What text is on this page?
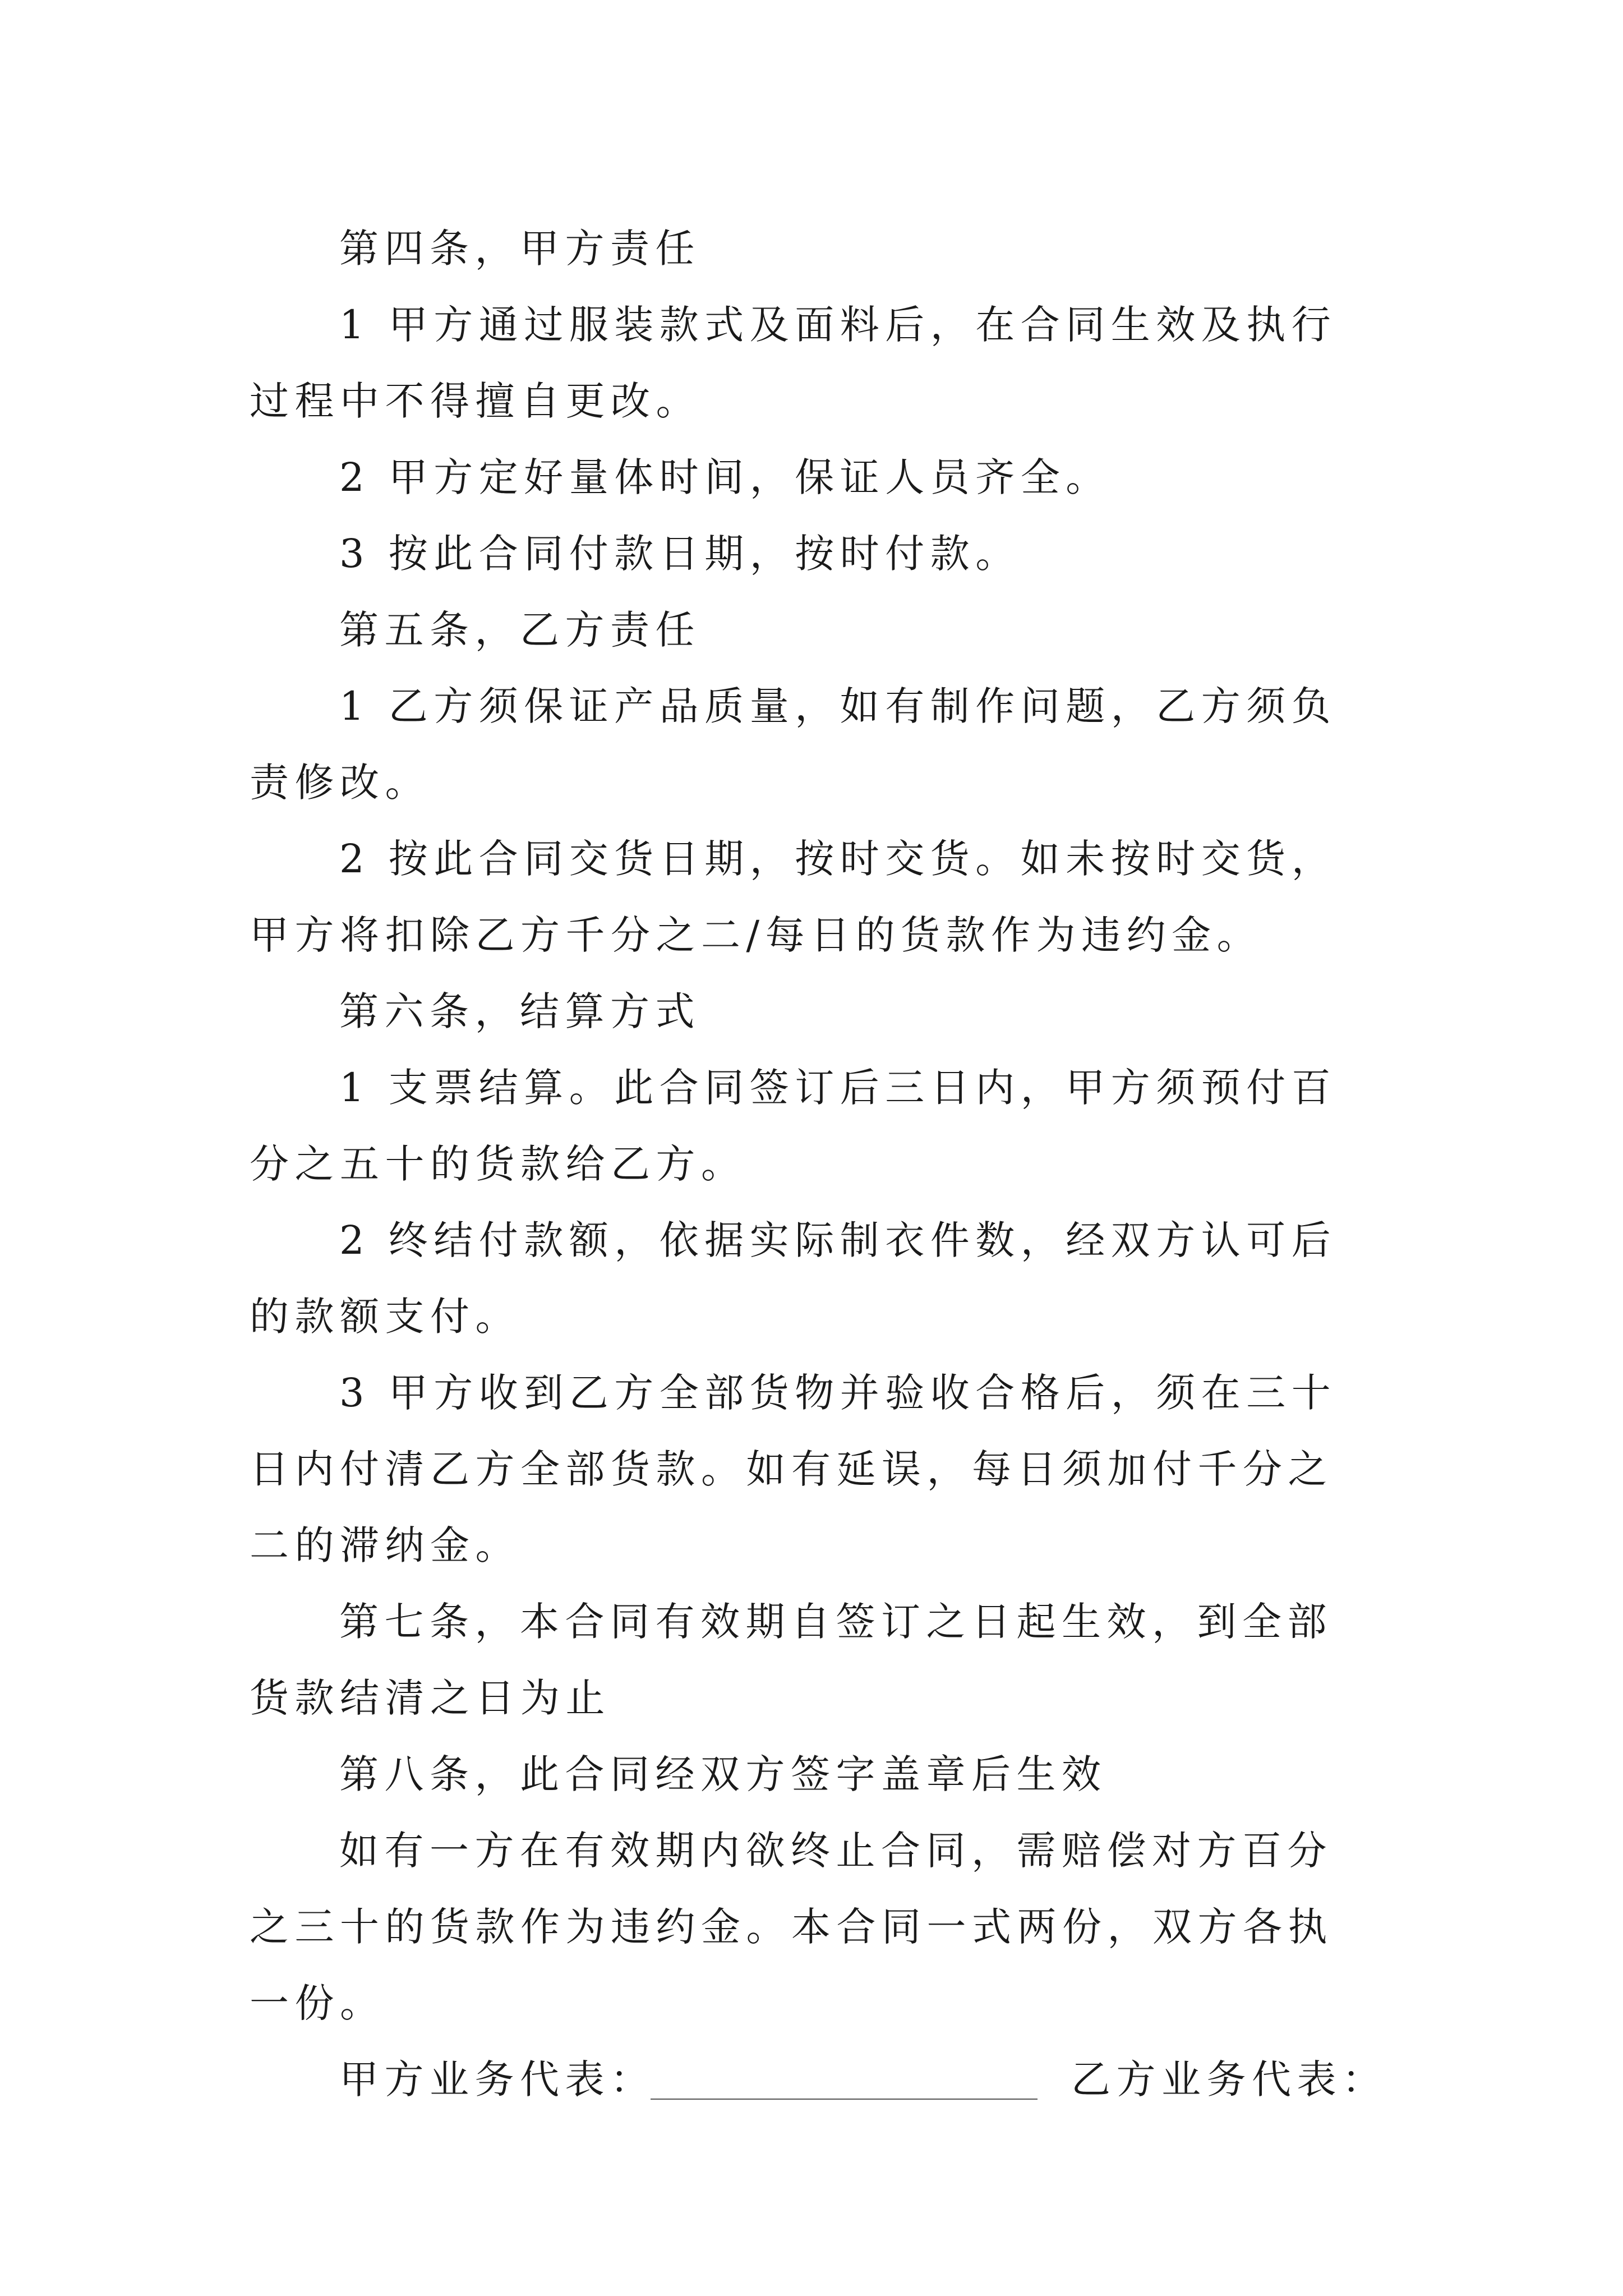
第四条，甲方责任

1 甲方通过服装款式及面料后，在合同生效及执行过程中不得擅自更改。

2 甲方定好量体时间，保证人员齐全。

3 按此合同付款日期，按时付款。

第五条，乙方责任

1 乙方须保证产品质量，如有制作问题，乙方须负责修改。

2 按此合同交货日期，按时交货。如未按时交货，甲方将扣除乙方千分之二/每日的货款作为违约金。

第六条，结算方式

1 支票结算。此合同签订后三日内，甲方须预付百分之五十的货款给乙方。

2 终结付款额，依据实际制衣件数，经双方认可后的款额支付。

3 甲方收到乙方全部货物并验收合格后，须在三十日内付清乙方全部货款。如有延误，每日须加付千分之二的滞纳金。

第七条，本合同有效期自签订之日起生效，到全部货款结清之日为止

第八条，此合同经双方签字盖章后生效

如有一方在有效期内欲终止合同，需赔偿对方百分之三十的货款作为违约金。本合同一式两份，双方各执一份。

甲方业务代表：	乙方业务代表：
